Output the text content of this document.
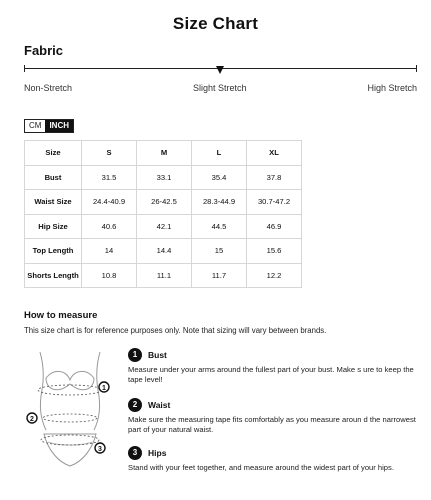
Size Chart
Fabric
Non-Stretch	Slight Stretch	High Stretch
CM	INCH
Size	S	M	L	XL
Bust	31.5	33.1	35.4	37.8
Waist Size	24.4-40.9	26-42.5	28.3-44.9	30.7-47.2
Hip Size	40.6	42.1	44.5	46.9
Top Length	14	14.4	15	15.6
Shorts Length	10.8	11.1	11.7	12.2
How to measure
This size chart is for reference purposes only. Note that sizing will vary between brands.
1
2
3
1	Bust
Measure under your arms around the fullest part of your bust. Make s ure to keep the tape level!
2	Waist
Make sure the measuring tape fits comfortably as you measure aroun d the narrowest part of your natural waist.
3	Hips
Stand with your feet together, and measure around the widest part of your hips.
